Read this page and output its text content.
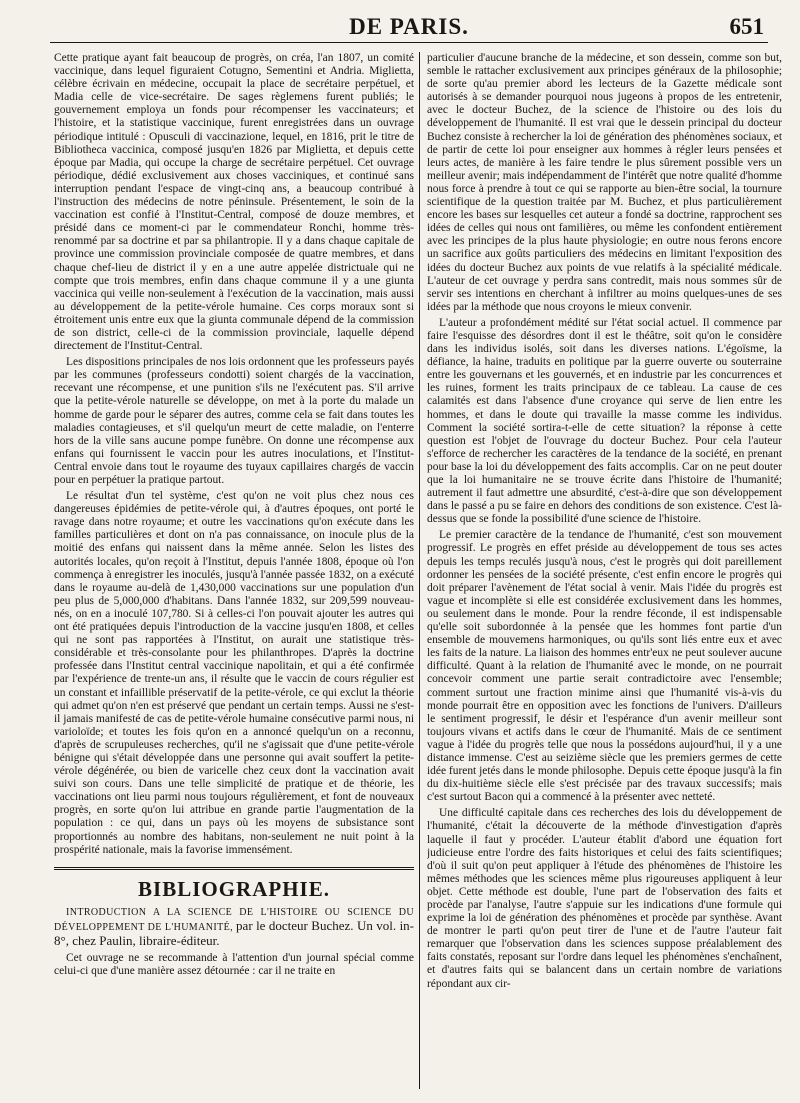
DE PARIS.	651

Cette pratique ayant fait beaucoup de progrès, on créa, l'an 1807, un comité vaccinique, dans lequel figuraient Cotugno, Sementini et Andria. Miglietta, célèbre écrivain en médecine, occupait la place de secrétaire perpétuel, et Madia celle de vice-secrétaire. De sages règlemens furent publiés; le gouvernement employa un fonds pour récompenser les vaccinateurs; et l'histoire, et la statistique vaccinique, furent enregistrées dans un ouvrage périodique intitulé : Opusculi di vaccinazione, lequel, en 1816, prit le titre de Bibliotheca vaccinica, composé jusqu'en 1826 par Miglietta, et depuis cette époque par Madia, qui occupe la charge de secrétaire perpétuel. Cet ouvrage périodique, dédié exclusivement aux choses vacciniques, et continué sans interruption pendant l'espace de vingt-cinq ans, a beaucoup contribué à l'instruction des médecins de notre péninsule. Présentement, le soin de la vaccination est confié à l'Institut-Central, composé de douze membres, et présidé dans ce moment-ci par le commendateur Ronchi, homme très-renommé par sa doctrine et par sa philantropie. Il y a dans chaque capitale de province une commission provinciale composée de quatre membres, et dans chaque chef-lieu de district il y en a une autre appelée districtuale qui ne compte que trois membres, enfin dans chaque commune il y a une giunta vaccinica qui veille non-seulement à l'exécution de la vaccination, mais aussi au développement de la petite-vérole humaine. Ces corps moraux sont si étroitement unis entre eux que la giunta communale dépend de la commission de son district, celle-ci de la commission provinciale, laquelle dépend directement de l'Institut-Central.

Les dispositions principales de nos lois ordonnent que les professeurs payés par les communes (professeurs condotti) soient chargés de la vaccination, recevant une récompense, et une punition s'ils ne l'exécutent pas. S'il arrive que la petite-vérole naturelle se développe, on met à la porte du malade un homme de garde pour le séparer des autres, comme cela se fait dans toutes les maladies contagieuses, et s'il quelqu'un meurt de cette maladie, on l'enterre hors de la ville sans aucune pompe funèbre. On donne une récompense aux enfans qui fournissent le vaccin pour les autres inoculations, et l'Institut-Central envoie dans tout le royaume des tuyaux capillaires chargés de vaccin pour en perpétuer la pratique partout.

Le résultat d'un tel système, c'est qu'on ne voit plus chez nous ces dangereuses épidémies de petite-vérole qui, à d'autres époques, ont porté le ravage dans notre royaume; et outre les vaccinations qu'on exécute dans les familles particulières et dont on n'a pas connaissance, on inocule plus de la moitié des enfans qui naissent dans la même année. Selon les listes des autorités locales, qu'on reçoit à l'Institut, depuis l'année 1808, époque où l'on commença à enregistrer les inoculés, jusqu'à l'année passée 1832, on a exécuté dans le royaume au-delà de 1,430,000 vaccinations sur une population d'un peu plus de 5,000,000 d'habitans. Dans l'année 1832, sur 209,599 nouveau-nés, on en a inoculé 107,780. Si à celles-ci l'on pouvait ajouter les autres qui ont été pratiquées depuis l'introduction de la vaccine jusqu'en 1808, et celles qui ne sont pas rapportées à l'Institut, on aurait une statistique très-considérable et très-consolante pour les philanthropes. D'après la doctrine professée dans l'Institut central vaccinique napolitain, et qui a été confirmée par l'expérience de trente-un ans, il résulte que le vaccin de cours régulier est un constant et infaillible préservatif de la petite-vérole, ce qui exclut la théorie qui admet qu'on n'en est préservé que pendant un certain temps. Aussi ne s'est-il jamais manifesté de cas de petite-vérole humaine consécutive parmi nous, ni varioloïde; et toutes les fois qu'on en a annoncé quelqu'un on a reconnu, d'après de scrupuleuses recherches, qu'il ne s'agissait que d'une petite-vérole bénigne qui s'était développée dans une personne qui avait souffert la petite-vérole dégénérée, ou bien de varicelle chez ceux dont la vaccination avait suivi son cours. Dans une telle simplicité de pratique et de théorie, les vaccinations ont lieu parmi nous toujours régulièrement, et font de nouveaux progrès, en sorte qu'on lui attribue en grande partie l'augmentation de la population : ce qui, dans un pays où les moyens de subsistance sont proportionnés au nombre des habitans, non-seulement ne nuit point à la prospérité nationale, mais la favorise immensément.

BIBLIOGRAPHIE.

INTRODUCTION A LA SCIENCE DE L'HISTOIRE OU SCIENCE DU DÉVELOPPEMENT DE L'HUMANITÉ, par le docteur Buchez. Un vol. in-8°, chez Paulin, libraire-éditeur.

Cet ouvrage ne se recommande à l'attention d'un journal spécial comme celui-ci que d'une manière assez détournée : car il ne traite en

particulier d'aucune branche de la médecine, et son dessein, comme son but, semble le rattacher exclusivement aux principes généraux de la philosophie; de sorte qu'au premier abord les lecteurs de la Gazette médicale sont autorisés à se demander pourquoi nous jugeons à propos de les entretenir, avec le docteur Buchez, de la science de l'histoire ou des lois du développement de l'humanité. Il est vrai que le dessein principal du docteur Buchez consiste à rechercher la loi de génération des phénomènes sociaux, et de partir de cette loi pour enseigner aux hommes à régler leurs pensées et leurs actes, de manière à les faire tendre le plus sûrement possible vers un meilleur avenir; mais indépendamment de l'intérêt que notre qualité d'homme nous force à prendre à tout ce qui se rapporte au bien-être social, la tournure scientifique de la question traitée par M. Buchez, et plus particulièrement encore les bases sur lesquelles cet auteur a fondé sa doctrine, rapprochent ses idées de celles qui nous ont familières, ou même les confondent entièrement avec les principes de la plus haute physiologie; en outre nous ferons encore un sacrifice aux goûts particuliers des médecins en limitant l'exposition des idées du docteur Buchez aux points de vue relatifs à la spécialité médicale. L'auteur de cet ouvrage y perdra sans contredit, mais nous sommes sûr de servir ses intentions en cherchant à infiltrer au moins quelques-unes de ses idées par la méthode que nous croyons le mieux convenir.

L'auteur a profondément médité sur l'état social actuel. Il commence par faire l'esquisse des désordres dont il est le théâtre, soit qu'on le considère dans les individus isolés, soit dans les diverses nations. L'égoïsme, la défiance, la haine, traduits en politique par la guerre ouverte ou souterraine entre les gouvernans et les gouvernés, et en industrie par les concurrences et les ruines, forment les traits principaux de ce tableau. La cause de ces calamités est dans l'absence d'une croyance qui serve de lien entre les hommes, et dans le doute qui travaille la masse comme les individus. Comment la société sortira-t-elle de cette situation? la réponse à cette question est l'objet de l'ouvrage du docteur Buchez. Pour cela l'auteur s'efforce de rechercher les caractères de la tendance de la société, en prenant pour base la loi du développement des faits accomplis. Car on ne peut douter que la loi humanitaire ne se trouve écrite dans l'histoire de l'humanité; autrement il faut admettre une absurdité, c'est-à-dire que son développement dans le passé a pu se faire en dehors des conditions de son existence. C'est là-dessus que se fonde la possibilité d'une science de l'histoire.

Le premier caractère de la tendance de l'humanité, c'est son mouvement progressif. Le progrès en effet préside au développement de tous ses actes depuis les temps reculés jusqu'à nous, c'est le progrès qui doit pareillement ordonner les pensées de la société présente, c'est enfin encore le progrès qui doit préparer l'avènement de l'état social à venir. Mais l'idée du progrès est vague et incomplète si elle est considérée exclusivement dans les hommes, ou seulement dans le monde. Pour la rendre féconde, il est indispensable qu'elle soit subordonnée à la pensée que les hommes font partie d'un ensemble de mouvemens harmoniques, ou qu'ils sont liés entre eux et avec les faits de la nature. La liaison des hommes entr'eux ne peut soulever aucune difficulté. Quant à la relation de l'humanité avec le monde, on ne pourrait concevoir comment une partie serait contradictoire avec l'ensemble; comment surtout une fraction minime ainsi que l'humanité vis-à-vis du monde pourrait être en opposition avec les fonctions de l'univers. D'ailleurs le sentiment progressif, le désir et l'espérance d'un avenir meilleur sont toujours vivans et actifs dans le cœur de l'humanité. Mais de ce sentiment vague à l'idée du progrès telle que nous la possédons aujourd'hui, il y a une distance immense. C'est au seizième siècle que les premiers germes de cette idée furent jetés dans le monde philosophe. Depuis cette époque jusqu'à la fin du dix-huitième siècle elle s'est précisée par des travaux successifs; mais c'est surtout Bacon qui a commencé à la présenter avec netteté.

Une difficulté capitale dans ces recherches des lois du développement de l'humanité, c'était la découverte de la méthode d'investigation d'après laquelle il faut y procéder. L'auteur établit d'abord une équation fort judicieuse entre l'ordre des faits historiques et celui des faits scientifiques; d'où il suit qu'on peut appliquer à l'étude des phénomènes de l'histoire les mêmes méthodes que les sciences même plus rigoureuses appliquent à leur objet. Cette méthode est double, l'une part de l'observation des faits et procède par l'analyse, l'autre s'appuie sur les indications d'une formule qui exprime la loi de génération des phénomènes et procède par synthèse. Avant de montrer le parti qu'on peut tirer de l'une et de l'autre l'auteur fait remarquer que l'observation dans les sciences suppose préalablement des faits constatés, reposant sur l'ordre dans lequel les phénomènes s'enchaînent, et d'autres faits qui se balancent dans un certain nombre de variations répondant aux cir-
